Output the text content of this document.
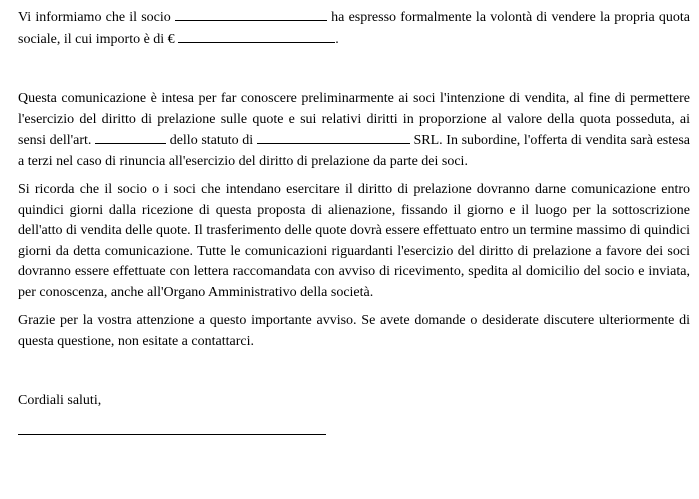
Vi informiamo che il socio	ha espresso formalmente la volontà di vendere la propria quota sociale, il cui importo è di €	.

Questa comunicazione è intesa per far conoscere preliminarmente ai soci l'intenzione di vendita, al fine di permettere l'esercizio del diritto di prelazione sulle quote e sui relativi diritti in proporzione al valore della quota posseduta, ai sensi dell'art.	dello statuto di	SRL. In subordine, l'offerta di vendita sarà estesa a terzi nel caso di rinuncia all'esercizio del diritto di prelazione da parte dei soci.

Si ricorda che il socio o i soci che intendano esercitare il diritto di prelazione dovranno darne comunicazione entro quindici giorni dalla ricezione di questa proposta di alienazione, fissando il giorno e il luogo per la sottoscrizione dell'atto di vendita delle quote. Il trasferimento delle quote dovrà essere effettuato entro un termine massimo di quindici giorni da detta comunicazione. Tutte le comunicazioni riguardanti l'esercizio del diritto di prelazione a favore dei soci dovranno essere effettuate con lettera raccomandata con avviso di ricevimento, spedita al domicilio del socio e inviata, per conoscenza, anche all'Organo Amministrativo della società.

Grazie per la vostra attenzione a questo importante avviso. Se avete domande o desiderate discutere ulteriormente di questa questione, non esitate a contattarci.

Cordiali saluti,
